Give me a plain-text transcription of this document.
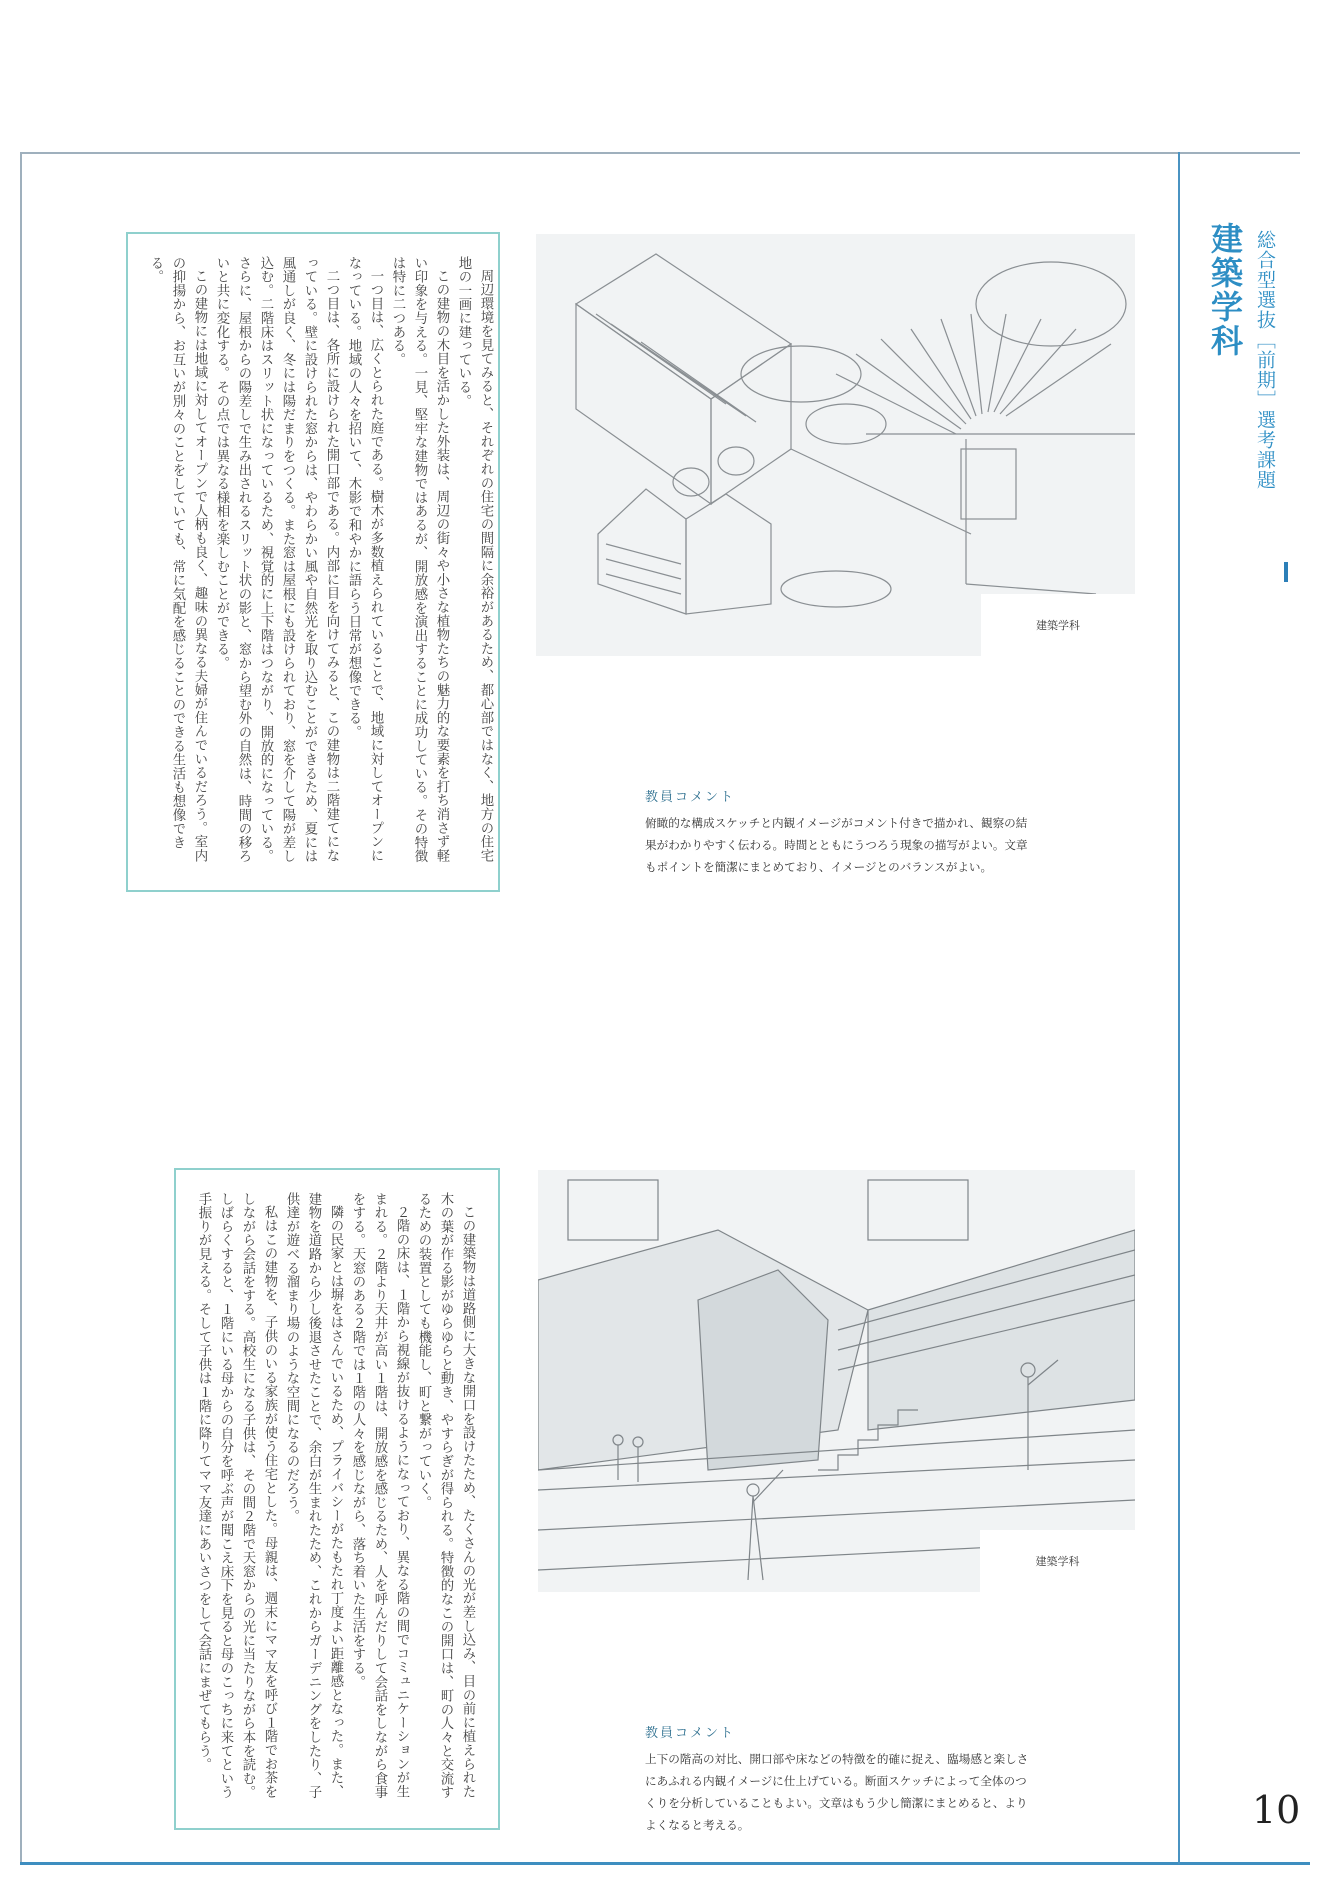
建築学科 総合型選抜［前期］選考課題
10

周辺環境を見てみると、それぞれの住宅の間隔に余裕があるため、都心部ではなく、地方の住宅地の一画に建っている。

この建物の木目を活かした外装は、周辺の街々や小さな植物たちの魅力的な要素を打ち消さず軽い印象を与える。一見、堅牢な建物ではあるが、開放感を演出することに成功している。その特徴は特に二つある。

一つ目は、広くとられた庭である。樹木が多数植えられていることで、地域に対してオープンになっている。地域の人々を招いて、木影で和やかに語らう日常が想像できる。

二つ目は、各所に設けられた開口部である。内部に目を向けてみると、この建物は二階建てになっている。壁に設けられた窓からは、やわらかい風や自然光を取り込むことができるため、夏には風通しが良く、冬には陽だまりをつくる。また窓は屋根にも設けられており、窓を介して陽が差し込む。二階床はスリット状になっているため、視覚的に上下階はつながり、開放的になっている。さらに、屋根からの陽差しで生み出されるスリット状の影と、窓から望む外の自然は、時間の移ろいと共に変化する。その点では異なる様相を楽しむことができる。

この建物には地域に対してオープンで人柄も良く、趣味の異なる夫婦が住んでいるだろう。室内の抑揚から、お互いが別々のことをしていても、常に気配を感じることのできる生活も想像できる。

建築学科
教員コメント
俯瞰的な構成スケッチと内観イメージがコメント付きで描かれ、観察の結果がわかりやすく伝わる。時間とともにうつろう現象の描写がよい。文章もポイントを簡潔にまとめており、イメージとのバランスがよい。

この建築物は道路側に大きな開口を設けたため、たくさんの光が差し込み、目の前に植えられた木の葉が作る影がゆらゆらと動き、やすらぎが得られる。特徴的なこの開口は、町の人々と交流するための装置としても機能し、町と繋がっていく。

２階の床は、１階から視線が抜けるようになっており、異なる階の間でコミュニケーションが生まれる。２階より天井が高い１階は、開放感を感じるため、人を呼んだりして会話をしながら食事をする。天窓のある２階では１階の人々を感じながら、落ち着いた生活をする。

隣の民家とは塀をはさんでいるため、プライバシーがたもたれ丁度よい距離感となった。また、建物を道路から少し後退させたことで、余白が生まれたため、これからガーデニングをしたり、子供達が遊べる溜まり場のような空間になるのだろう。

私はこの建物を、子供のいる家族が使う住宅とした。母親は、週末にママ友を呼び１階でお茶をしながら会話をする。高校生になる子供は、その間２階で天窓からの光に当たりながら本を読む。しばらくすると、１階にいる母からの自分を呼ぶ声が聞こえ床下を見ると母のこっちに来てという手振りが見える。そして子供は１階に降りてママ友達にあいさつをして会話にまぜてもらう。	建築学科
教員コメント
上下の階高の対比、開口部や床などの特徴を的確に捉え、臨場感と楽しさにあふれる内観イメージに仕上げている。断面スケッチによって全体のつくりを分析していることもよい。文章はもう少し簡潔にまとめると、よりよくなると考える。
